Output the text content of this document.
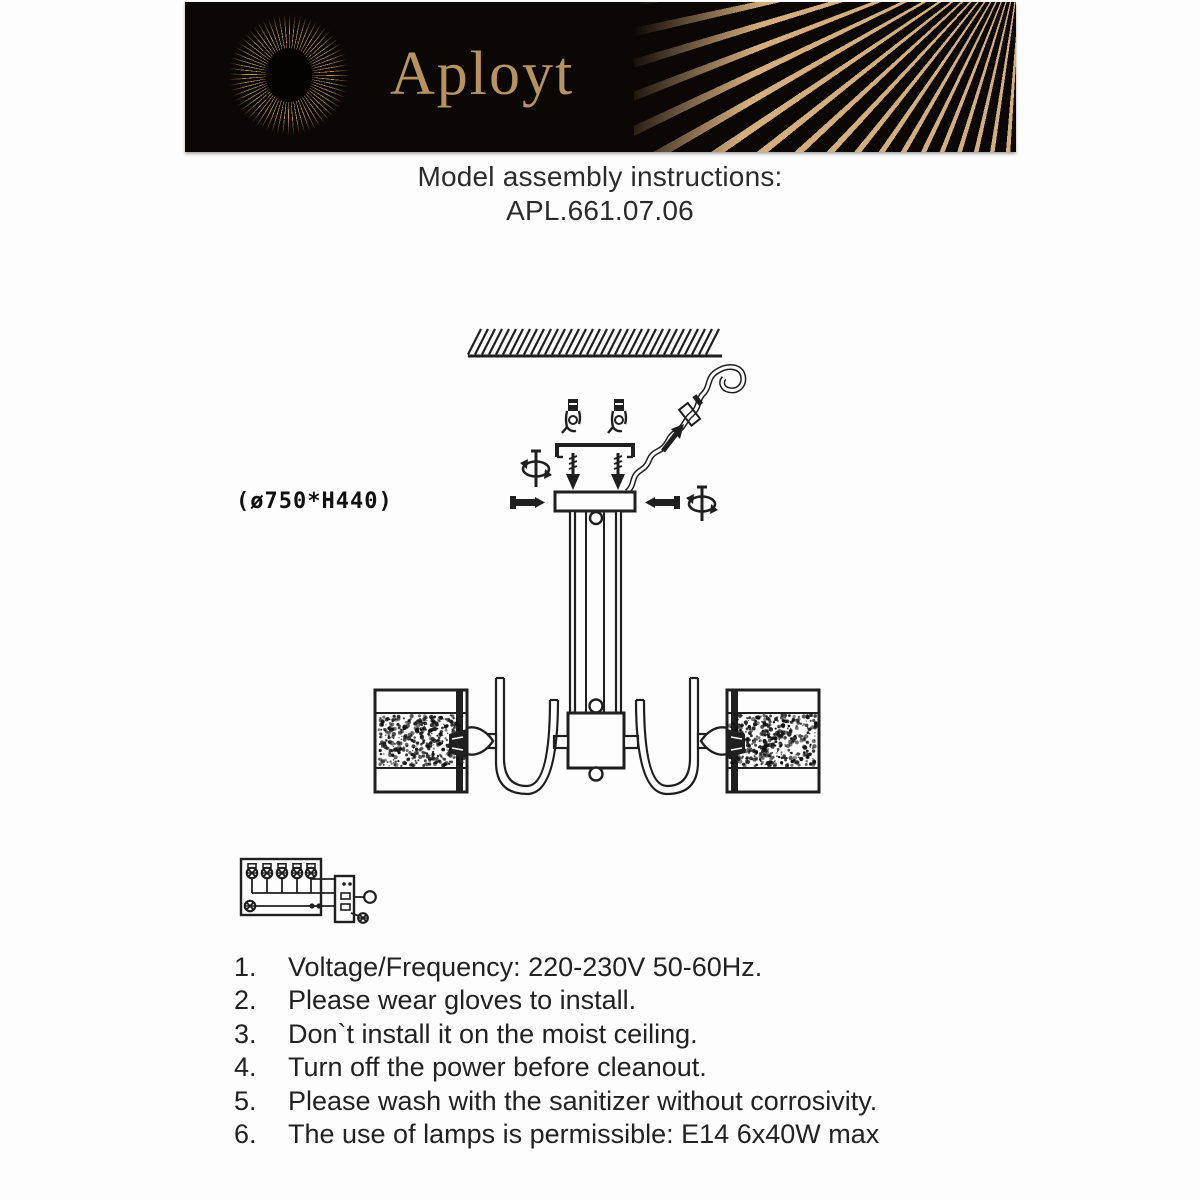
Aployt
Model assembly instructions:
APL.661.07.06
(ø750*H440)
1.	Voltage/Frequency: 220-230V 50-60Hz.
2.	Please wear gloves to install.
3.	Don`t install it on the moist ceiling.
4.	Turn off the power before cleanout.
5.	Please wash with the sanitizer without corrosivity.
6.	The use of lamps is permissible: E14 6x40W max
